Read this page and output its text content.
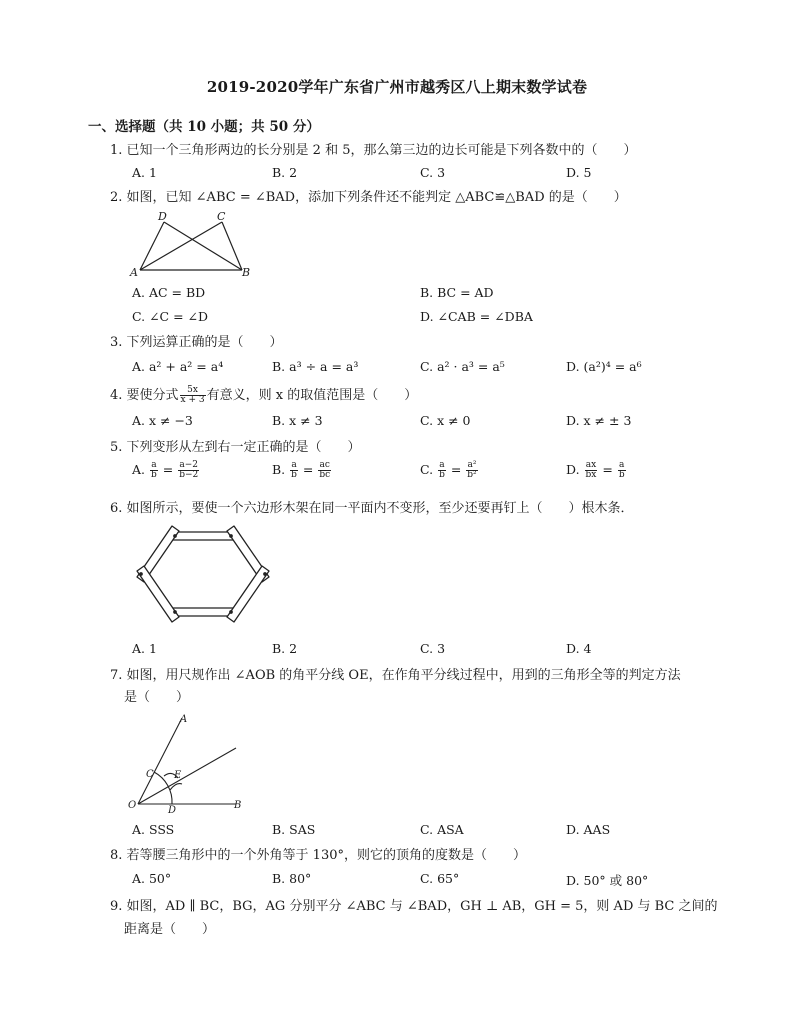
2019-2020学年广东省广州市越秀区八上期末数学试卷
一、选择题（共 10 小题；共 50 分）
1. 已知一个三角形两边的长分别是 2 和 5，那么第三边的边长可能是下列各数中的（　　）
A. 1	B. 2	C. 3	D. 5
2. 如图，已知 ∠ABC = ∠BAD，添加下列条件还不能判定 △ABC≌△BAD 的是（　　）
D	C
A	B
A. AC = BD	B. BC = AD
C. ∠C = ∠D	D. ∠CAB = ∠DBA
3. 下列运算正确的是（　　）
A. a² + a² = a⁴	B. a³ ÷ a = a³	C. a² · a³ = a⁵	D. (a²)⁴ = a⁶
4. 要使分式 $\frac{5x}{x + 3}$ 有意义，则 x 的取值范围是（　　）
A. x ≠ −3	B. x ≠ 3	C. x ≠ 0	D. x ≠ ± 3
5. 下列变形从左到右一定正确的是（　　）
A. $\frac{a}{b} = \frac{a-2}{b-2}$	B. $\frac{a}{b} = \frac{ac}{bc}$	C. $\frac{a}{b} = \frac{\text{a²}}{\text{b²}}$	D. $\frac{ax}{bx} = \frac{a}{b}$
6. 如图所示，要使一个六边形木架在同一平面内不变形，至少还要再钉上（　　）根木条．
A. 1	B. 2	C. 3	D. 4
7. 如图，用尺规作出 ∠AOB 的角平分线 OE，在作角平分线过程中，用到的三角形全等的判定方法
是（　　）
A
C E
O	D	B
A. SSS	B. SAS	C. ASA	D. AAS
8. 若等腰三角形中的一个外角等于 130°，则它的顶角的度数是（　　）
A. 50°	B. 80°	C. 65°	D. 50° 或 80°
9. 如图，AD ∥ BC，BG，AG 分别平分 ∠ABC 与 ∠BAD，GH ⊥ AB，GH = 5，则 AD 与 BC 之间的
距离是（　　）
